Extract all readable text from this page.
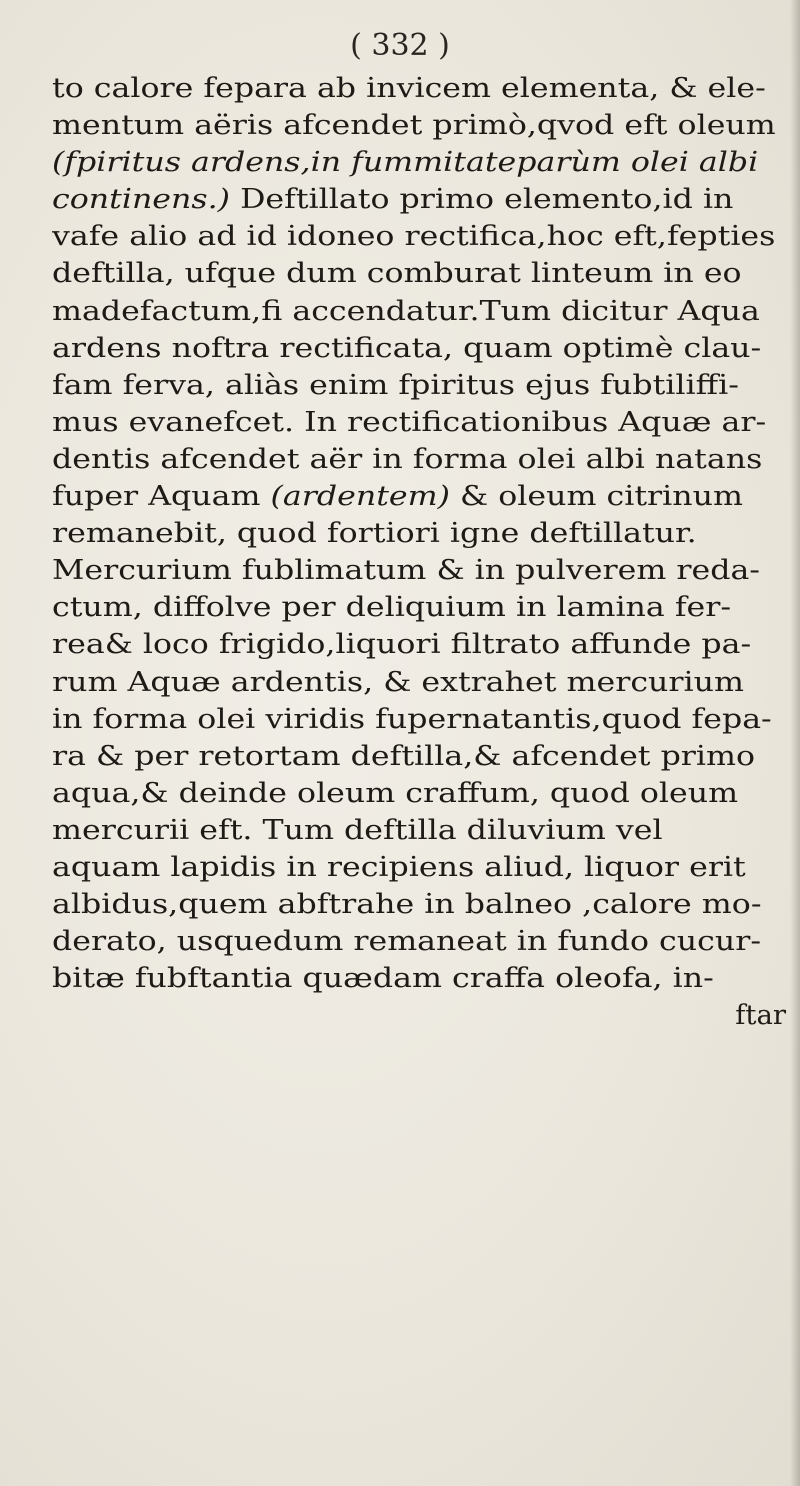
( 332 )
to calore fepara ab invicem elementa, & ele-
mentum aëris afcendet primò,qvod eft oleum
(fpiritus ardens,in fummitateparùm olei albi
continens.) Deftillato primo elemento,id in
vafe alio ad id idoneo rectifica,hoc eft,fepties
deftilla, ufque dum comburat linteum in eo
madefactum,fi accendatur.Tum dicitur Aqua
ardens noftra rectificata, quam optimè clau-
fam ferva, aliàs enim fpiritus ejus fubtiliffi-
mus evanefcet. In rectificationibus Aquæ ar-
dentis afcendet aër in forma olei albi natans
fuper Aquam (ardentem) & oleum citrinum
remanebit, quod fortiori igne deftillatur.
Mercurium fublimatum & in pulverem reda-
ctum, diffolve per deliquium in lamina fer-
rea& loco frigido,liquori filtrato affunde pa-
rum Aquæ ardentis, & extrahet mercurium
in forma olei viridis fupernatantis,quod fepa-
ra & per retortam deftilla,& afcendet primo
aqua,& deinde oleum craffum, quod oleum
mercurii eft. Tum deftilla diluvium vel
aquam lapidis in recipiens aliud, liquor erit
albidus,quem abftrahe in balneo ,calore mo-
derato, usquedum remaneat in fundo cucur-
bitæ fubftantia quædam craffa oleofa, in-
ftar
